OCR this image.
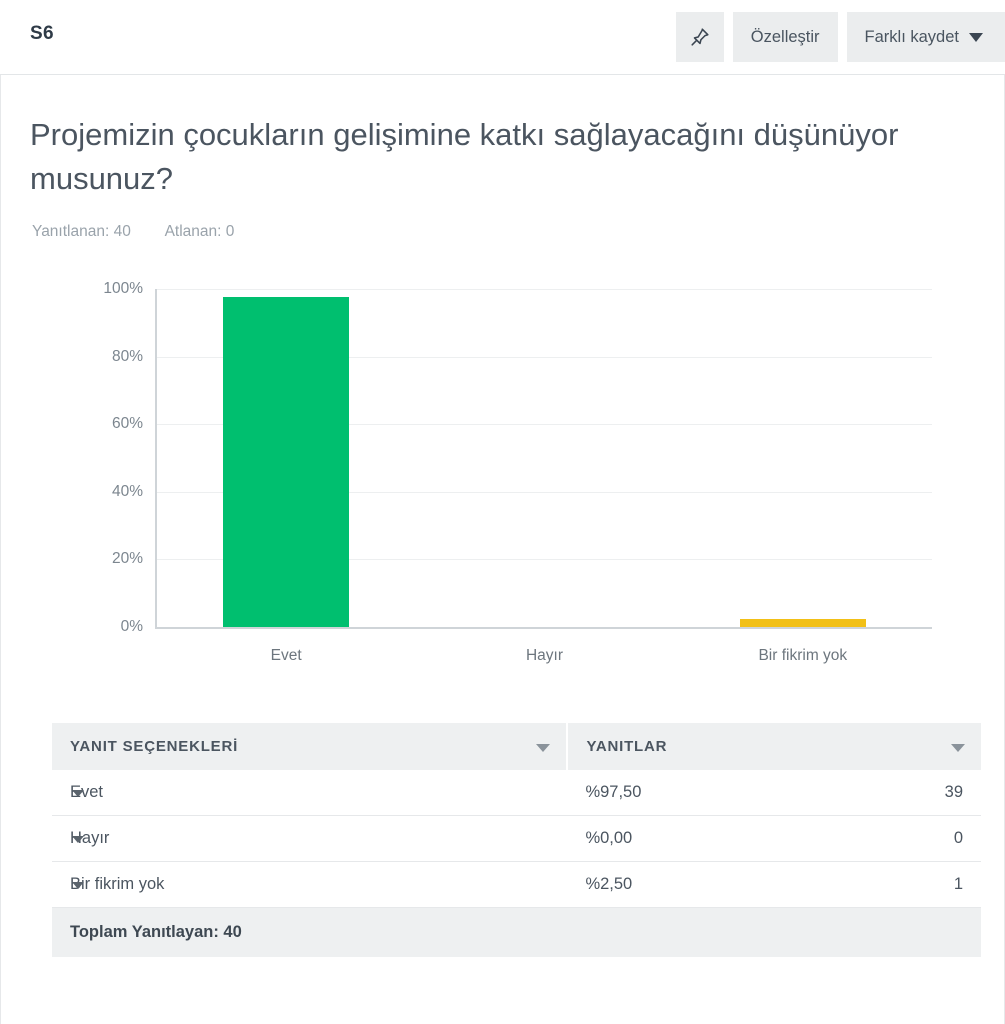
S6	Özelleştir	Farklı kaydet
Projemizin çocukların gelişimine katkı sağlayacağını düşünüyor musunuz?
Yanıtlanan: 40 Atlanan: 0
0%
20%
40%
60%
80%
100%
Evet	Hayır	Bir fikrim yok
YANIT SEÇENEKLERİ	YANITLAR	

Evet	%97,50	39

Hayır	%0,00	0

Bir fikrim yok	%2,50	1
Toplam Yanıtlayan: 40		
